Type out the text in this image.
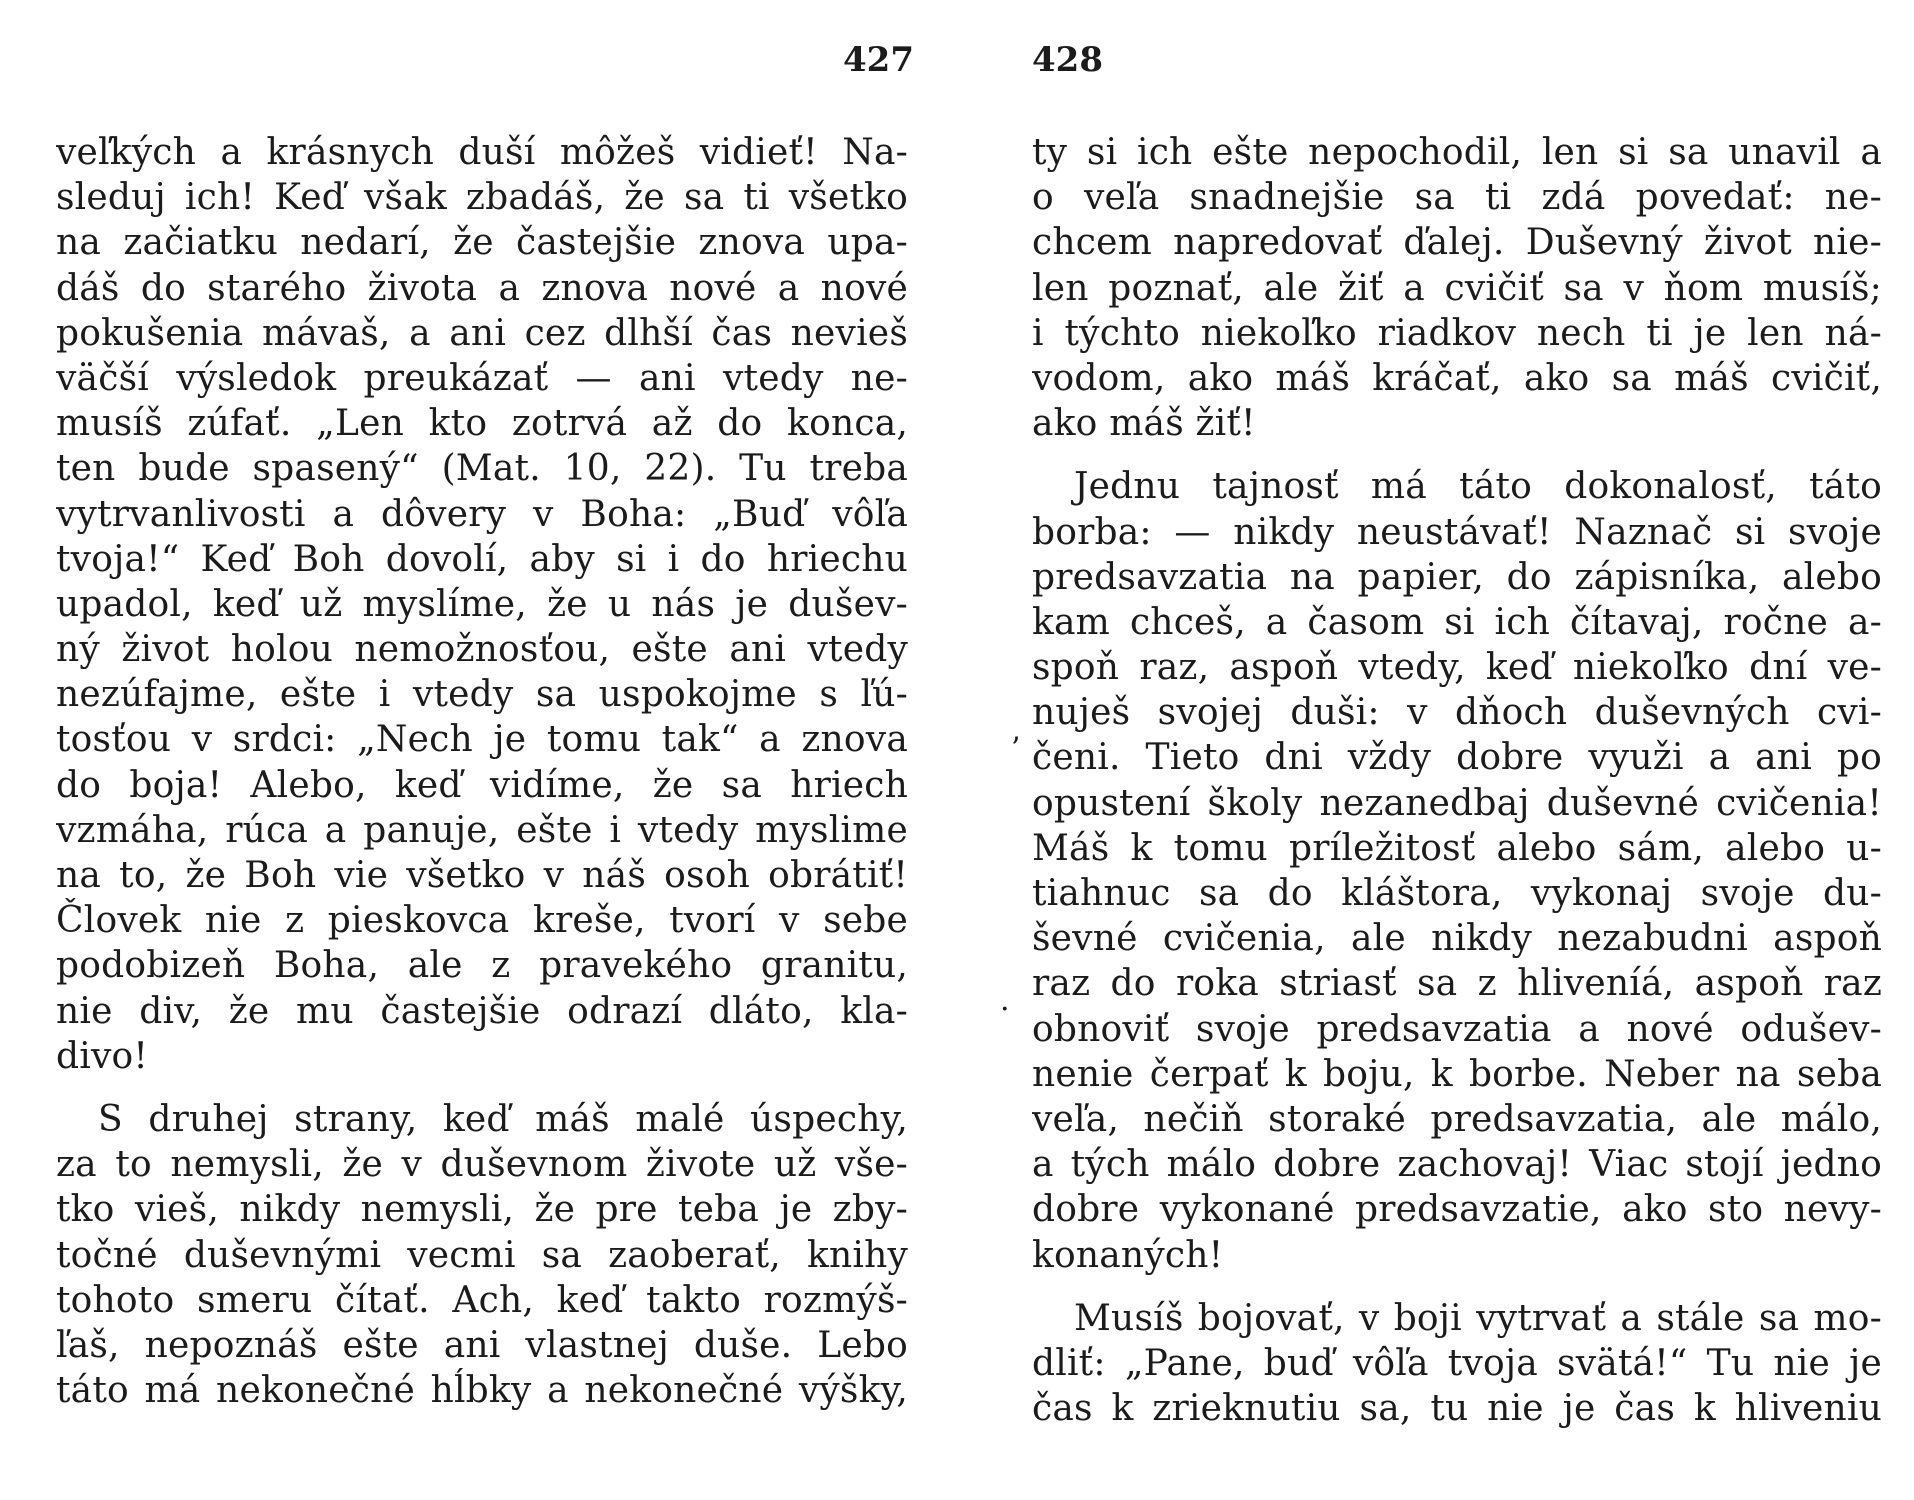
427
veľkých a krásnych duší môžeš vidieť! Na-
sleduj ich! Keď však zbadáš, že sa ti všetko
na začiatku nedarí, že častejšie znova upa-
dáš do starého života a znova nové a nové
pokušenia mávaš, a ani cez dlhší čas nevieš
väčší výsledok preukázať — ani vtedy ne-
musíš zúfať. „Len kto zotrvá až do konca,
ten bude spasený“ (Mat. 10, 22). Tu treba
vytrvanlivosti a dôvery v Boha: „Buď vôľa
tvoja!“ Keď Boh dovolí, aby si i do hriechu
upadol, keď už myslíme, že u nás je dušev-
ný život holou nemožnosťou, ešte ani vtedy
nezúfajme, ešte i vtedy sa uspokojme s ľú-
tosťou v srdci: „Nech je tomu tak“ a znova
do boja! Alebo, keď vidíme, že sa hriech
vzmáha, rúca a panuje, ešte i vtedy myslime
na to, že Boh vie všetko v náš osoh obrátiť!
Človek nie z pieskovca kreše, tvorí v sebe
podobizeň Boha, ale z pravekého granitu,
nie div, že mu častejšie odrazí dláto, kla-
divo!
S druhej strany, keď máš malé úspechy,
za to nemysli, že v duševnom živote už vše-
tko vieš, nikdy nemysli, že pre teba je zby-
točné duševnými vecmi sa zaoberať, knihy
tohoto smeru čítať. Ach, keď takto rozmýš-
ľaš, nepoznáš ešte ani vlastnej duše. Lebo
táto má nekonečné hĺbky a nekonečné výšky,
428
ty si ich ešte nepochodil, len si sa unavil a
o veľa snadnejšie sa ti zdá povedať: ne-
chcem napredovať ďalej. Duševný život nie-
len poznať, ale žiť a cvičiť sa v ňom musíš;
i týchto niekoľko riadkov nech ti je len ná-
vodom, ako máš kráčať, ako sa máš cvičiť,
ako máš žiť!
Jednu tajnosť má táto dokonalosť, táto
borba: — nikdy neustávať! Naznač si svoje
predsavzatia na papier, do zápisníka, alebo
kam chceš, a časom si ich čítavaj, ročne a-
spoň raz, aspoň vtedy, keď niekoľko dní ve-
nuješ svojej duši: v dňoch duševných cvi-
čeni. Tieto dni vždy dobre využi a ani po
opustení školy nezanedbaj duševné cvičenia!
Máš k tomu príležitosť alebo sám, alebo u-
tiahnuc sa do kláštora, vykonaj svoje du-
ševné cvičenia, ale nikdy nezabudni aspoň
raz do roka striasť sa z hliveníá, aspoň raz
obnoviť svoje predsavzatia a nové odušev-
nenie čerpať k boju, k borbe. Neber na seba
veľa, nečiň storaké predsavzatia, ale málo,
a tých málo dobre zachovaj! Viac stojí jedno
dobre vykonané predsavzatie, ako sto nevy-
konaných!
Musíš bojovať, v boji vytrvať a stále sa mo-
dliť: „Pane, buď vôľa tvoja svätá!“ Tu nie je
čas k zrieknutiu sa, tu nie je čas k hliveniu
ʼ
·
